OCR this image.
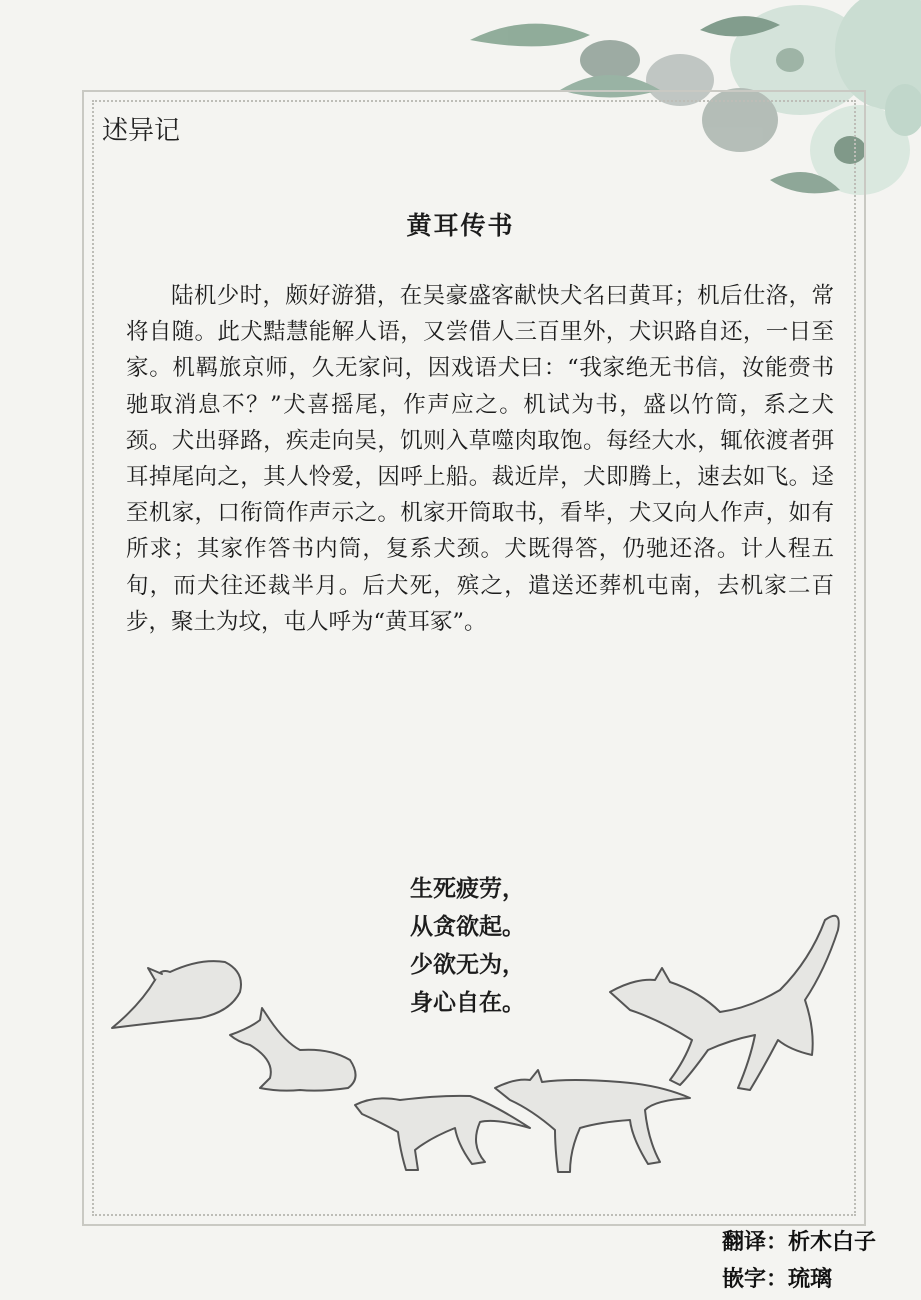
述异记
黄耳传书

陆机少时，颇好游猎，在吴豪盛客献快犬名曰黄耳；机后仕洛，常将自随。此犬黠慧能解人语，又尝借人三百里外，犬识路自还，一日至家。机羁旅京师，久无家问，因戏语犬曰：“我家绝无书信，汝能赍书驰取消息不？”犬喜摇尾，作声应之。机试为书，盛以竹筒，系之犬颈。犬出驿路，疾走向吴，饥则入草噬肉取饱。每经大水，辄依渡者弭耳掉尾向之，其人怜爱，因呼上船。裁近岸，犬即腾上，速去如飞。迳至机家，口衔筒作声示之。机家开筒取书，看毕，犬又向人作声，如有所求；其家作答书内筒，复系犬颈。犬既得答，仍驰还洛。计人程五旬，而犬往还裁半月。后犬死，殡之，遣送还葬机屯南，去机家二百步，聚土为坟，屯人呼为“黄耳冢”。

生死疲劳，
从贪欲起。
少欲无为，
身心自在。
翻译：析木白子
嵌字：琉璃
